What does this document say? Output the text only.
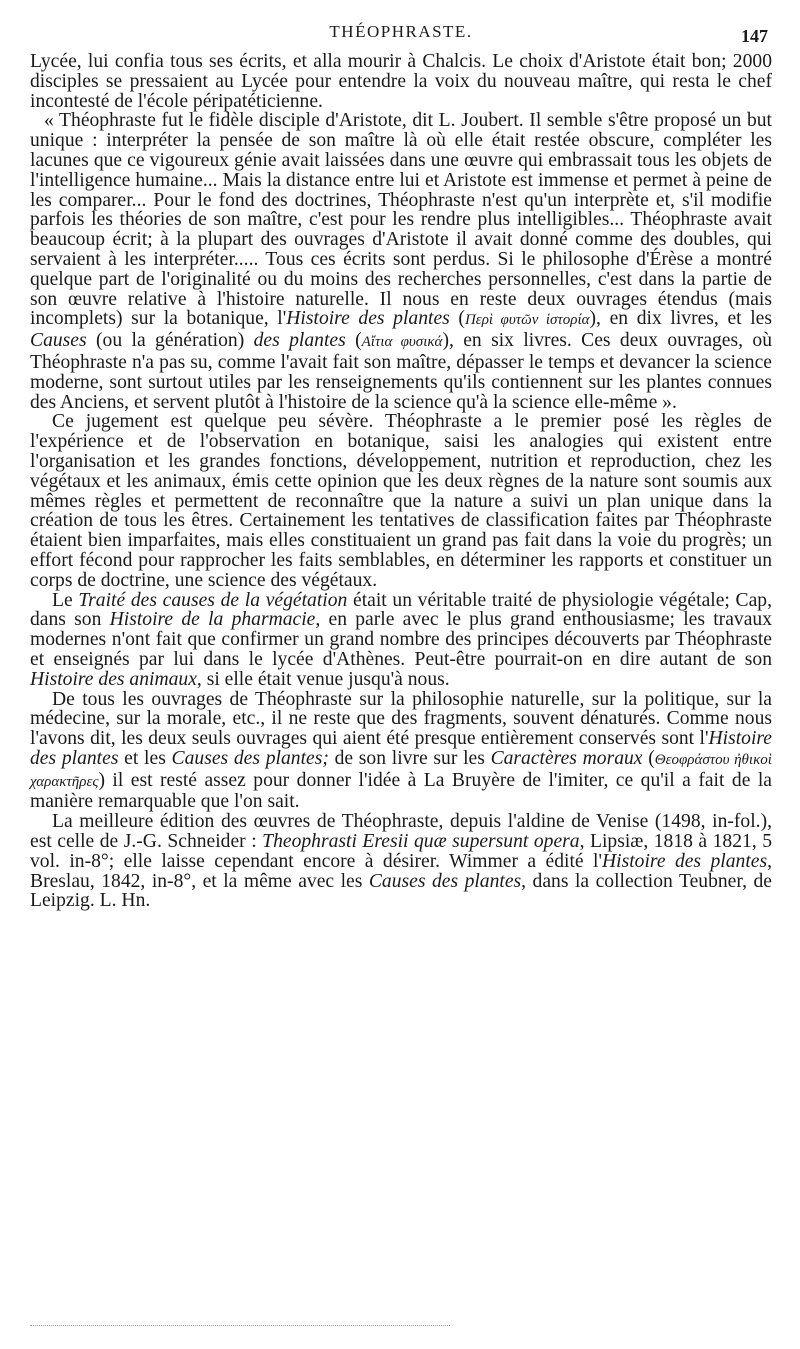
THÉOPHRASTE.	147

Lycée, lui confia tous ses écrits, et alla mourir à Chalcis. Le choix d'Aristote était bon; 2000 disciples se pressaient au Lycée pour entendre la voix du nouveau maître, qui resta le chef incontesté de l'école péripatéticienne.

« Théophraste fut le fidèle disciple d'Aristote, dit L. Joubert. Il semble s'être proposé un but unique : interpréter la pensée de son maître là où elle était restée obscure, compléter les lacunes que ce vigoureux génie avait laissées dans une œuvre qui embrassait tous les objets de l'intelligence humaine... Mais la distance entre lui et Aristote est immense et permet à peine de les comparer... Pour le fond des doctrines, Théophraste n'est qu'un interprète et, s'il modifie parfois les théories de son maître, c'est pour les rendre plus intelligibles... Théophraste avait beaucoup écrit; à la plupart des ouvrages d'Aristote il avait donné comme des doubles, qui servaient à les interpréter..... Tous ces écrits sont perdus. Si le philosophe d'Érèse a montré quelque part de l'originalité ou du moins des recherches personnelles, c'est dans la partie de son œuvre relative à l'histoire naturelle. Il nous en reste deux ouvrages étendus (mais incomplets) sur la botanique, l'Histoire des plantes (Περὶ φυτῶν ἱστορία), en dix livres, et les Causes (ou la génération) des plantes (Αἴτια φυσικά), en six livres. Ces deux ouvrages, où Théophraste n'a pas su, comme l'avait fait son maître, dépasser le temps et devancer la science moderne, sont surtout utiles par les renseignements qu'ils contiennent sur les plantes connues des Anciens, et servent plutôt à l'histoire de la science qu'à la science elle-même ».

Ce jugement est quelque peu sévère. Théophraste a le premier posé les règles de l'expérience et de l'observation en botanique, saisi les analogies qui existent entre l'organisation et les grandes fonctions, développement, nutrition et reproduction, chez les végétaux et les animaux, émis cette opinion que les deux règnes de la nature sont soumis aux mêmes règles et permettent de reconnaître que la nature a suivi un plan unique dans la création de tous les êtres. Certainement les tentatives de classification faites par Théophraste étaient bien imparfaites, mais elles constituaient un grand pas fait dans la voie du progrès; un effort fécond pour rapprocher les faits semblables, en déterminer les rapports et constituer un corps de doctrine, une science des végétaux.

Le Traité des causes de la végétation était un véritable traité de physiologie végétale; Cap, dans son Histoire de la pharmacie, en parle avec le plus grand enthousiasme; les travaux modernes n'ont fait que confirmer un grand nombre des principes découverts par Théophraste et enseignés par lui dans le lycée d'Athènes. Peut-être pourrait-on en dire autant de son Histoire des animaux, si elle était venue jusqu'à nous.

De tous les ouvrages de Théophraste sur la philosophie naturelle, sur la politique, sur la médecine, sur la morale, etc., il ne reste que des fragments, souvent dénaturés. Comme nous l'avons dit, les deux seuls ouvrages qui aient été presque entièrement conservés sont l'Histoire des plantes et les Causes des plantes; de son livre sur les Caractères moraux (Θεοφράστου ἠθικοὶ χαρακτῆρες) il est resté assez pour donner l'idée à La Bruyère de l'imiter, ce qu'il a fait de la manière remarquable que l'on sait.

La meilleure édition des œuvres de Théophraste, depuis l'aldine de Venise (1498, in-fol.), est celle de J.-G. Schneider : Theophrasti Eresii quæ supersunt opera, Lipsiæ, 1818 à 1821, 5 vol. in-8°; elle laisse cependant encore à désirer. Wimmer a édité l'Histoire des plantes, Breslau, 1842, in-8°, et la même avec les Causes des plantes, dans la collection Teubner, de Leipzig. L. Hn.
